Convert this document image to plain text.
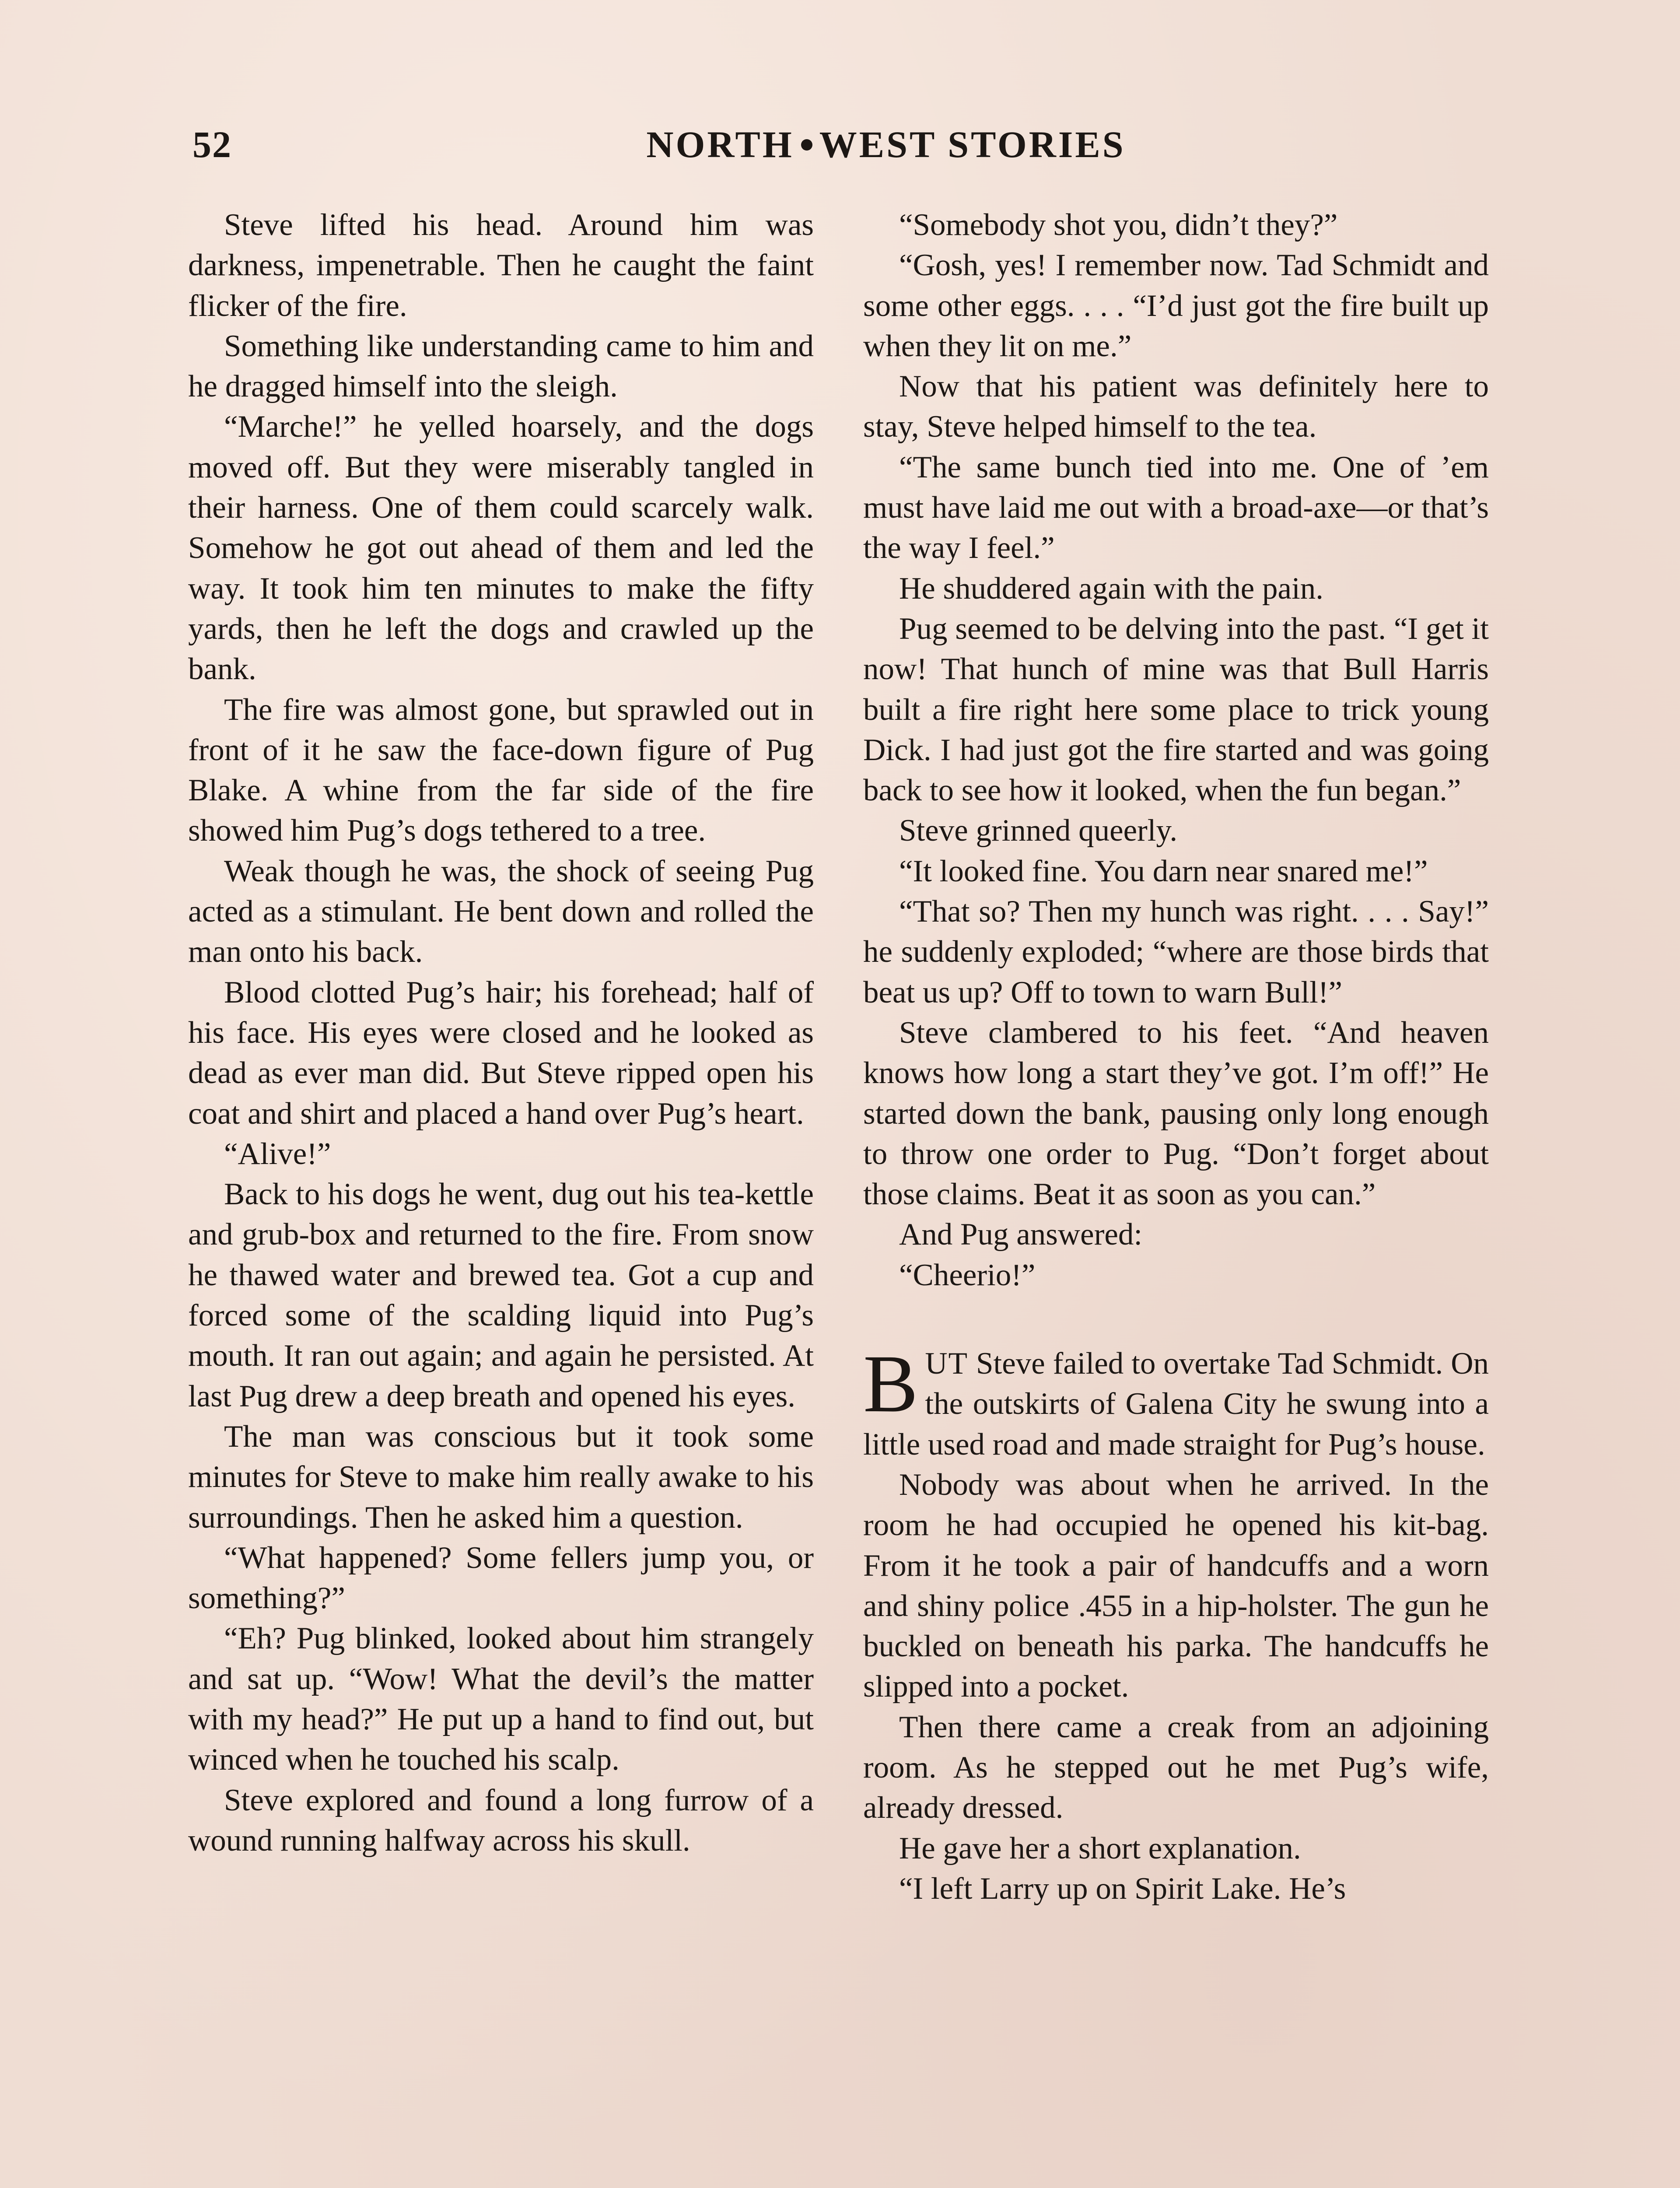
52	NORTH WEST STORIES

Steve lifted his head. Around him was darkness, impenetrable. Then he caught the faint flicker of the fire.

Something like understanding came to him and he dragged himself into the sleigh.

“Marche!” he yelled hoarsely, and the dogs moved off. But they were miserably tangled in their harness. One of them could scarcely walk. Somehow he got out ahead of them and led the way. It took him ten minutes to make the fifty yards, then he left the dogs and crawled up the bank.

The fire was almost gone, but sprawled out in front of it he saw the face-down figure of Pug Blake. A whine from the far side of the fire showed him Pug’s dogs tethered to a tree.

Weak though he was, the shock of seeing Pug acted as a stimulant. He bent down and rolled the man onto his back.

Blood clotted Pug’s hair; his forehead; half of his face. His eyes were closed and he looked as dead as ever man did. But Steve ripped open his coat and shirt and placed a hand over Pug’s heart.

“Alive!”

Back to his dogs he went, dug out his tea-kettle and grub-box and returned to the fire. From snow he thawed water and brewed tea. Got a cup and forced some of the scalding liquid into Pug’s mouth. It ran out again; and again he persisted. At last Pug drew a deep breath and opened his eyes.

The man was conscious but it took some minutes for Steve to make him really awake to his surroundings. Then he asked him a question.

“What happened? Some fellers jump you, or something?”

“Eh? Pug blinked, looked about him strangely and sat up. “Wow! What the devil’s the matter with my head?” He put up a hand to find out, but winced when he touched his scalp.

Steve explored and found a long furrow of a wound running halfway across his skull.

“Somebody shot you, didn’t they?”

“Gosh, yes! I remember now. Tad Schmidt and some other eggs. . . . “I’d just got the fire built up when they lit on me.”

Now that his patient was definitely here to stay, Steve helped himself to the tea.

“The same bunch tied into me. One of ’em must have laid me out with a broad-axe—or that’s the way I feel.”

He shuddered again with the pain.

Pug seemed to be delving into the past. “I get it now! That hunch of mine was that Bull Harris built a fire right here some place to trick young Dick. I had just got the fire started and was going back to see how it looked, when the fun began.”

Steve grinned queerly.

“It looked fine. You darn near snared me!”

“That so? Then my hunch was right. . . . Say!” he suddenly exploded; “where are those birds that beat us up? Off to town to warn Bull!”

Steve clambered to his feet. “And heaven knows how long a start they’ve got. I’m off!” He started down the bank, pausing only long enough to throw one order to Pug. “Don’t forget about those claims. Beat it as soon as you can.”

And Pug answered:

“Cheerio!”

BUT Steve failed to overtake Tad Schmidt. On the outskirts of Galena City he swung into a little used road and made straight for Pug’s house.

Nobody was about when he arrived. In the room he had occupied he opened his kit-bag. From it he took a pair of handcuffs and a worn and shiny police .455 in a hip-holster. The gun he buckled on beneath his parka. The handcuffs he slipped into a pocket.

Then there came a creak from an adjoining room. As he stepped out he met Pug’s wife, already dressed.

He gave her a short explanation.

“I left Larry up on Spirit Lake. He’s
